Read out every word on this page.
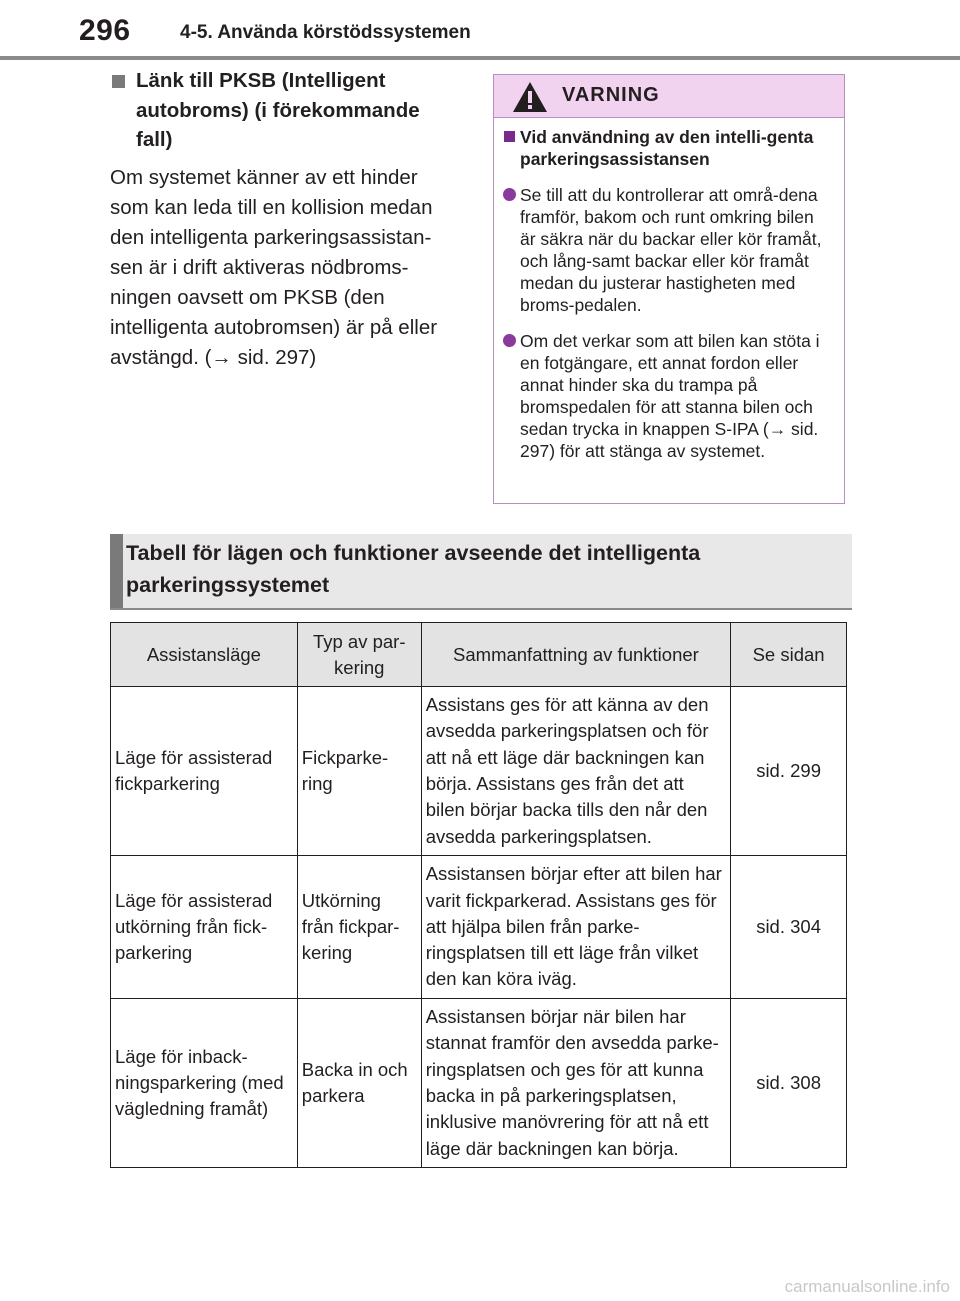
296	4-5. Använda körstödssystemen
Länk till PKSB (Intelligent autobroms) (i förekommande fall)
Om systemet känner av ett hinder som kan leda till en kollision medan den intelligenta parkeringsassistan-sen är i drift aktiveras nödbroms-ningen oavsett om PKSB (den intelligenta autobromsen) är på eller avstängd. (→ sid. 297)
VARNING
Vid användning av den intelli-genta parkeringsassistansen
Se till att du kontrollerar att områ-dena framför, bakom och runt omkring bilen är säkra när du backar eller kör framåt, och lång-samt backar eller kör framåt medan du justerar hastigheten med broms-pedalen.
Om det verkar som att bilen kan stöta i en fotgängare, ett annat fordon eller annat hinder ska du trampa på bromspedalen för att stanna bilen och sedan trycka in knappen S-IPA (→ sid. 297) för att stänga av systemet.
Tabell för lägen och funktioner avseende det intelligenta parkeringssystemet
Assistansläge	Typ av par-kering	Sammanfattning av funktioner	Se sidan
Läge för assisterad fickparkering	Fickparke-ring	Assistans ges för att känna av den avsedda parkeringsplatsen och för att nå ett läge där backningen kan börja. Assistans ges från det att bilen börjar backa tills den når den avsedda parkeringsplatsen.	sid. 299
Läge för assisterad utkörning från fick-parkering	Utkörning från fickpar-kering	Assistansen börjar efter att bilen har varit fickparkerad. Assistans ges för att hjälpa bilen från parke-ringsplatsen till ett läge från vilket den kan köra iväg.	sid. 304
Läge för inback-ningsparkering (med vägledning framåt)	Backa in och parkera	Assistansen börjar när bilen har stannat framför den avsedda parke-ringsplatsen och ges för att kunna backa in på parkeringsplatsen, inklusive manövrering för att nå ett läge där backningen kan börja.	sid. 308
carmanualsonline.info
